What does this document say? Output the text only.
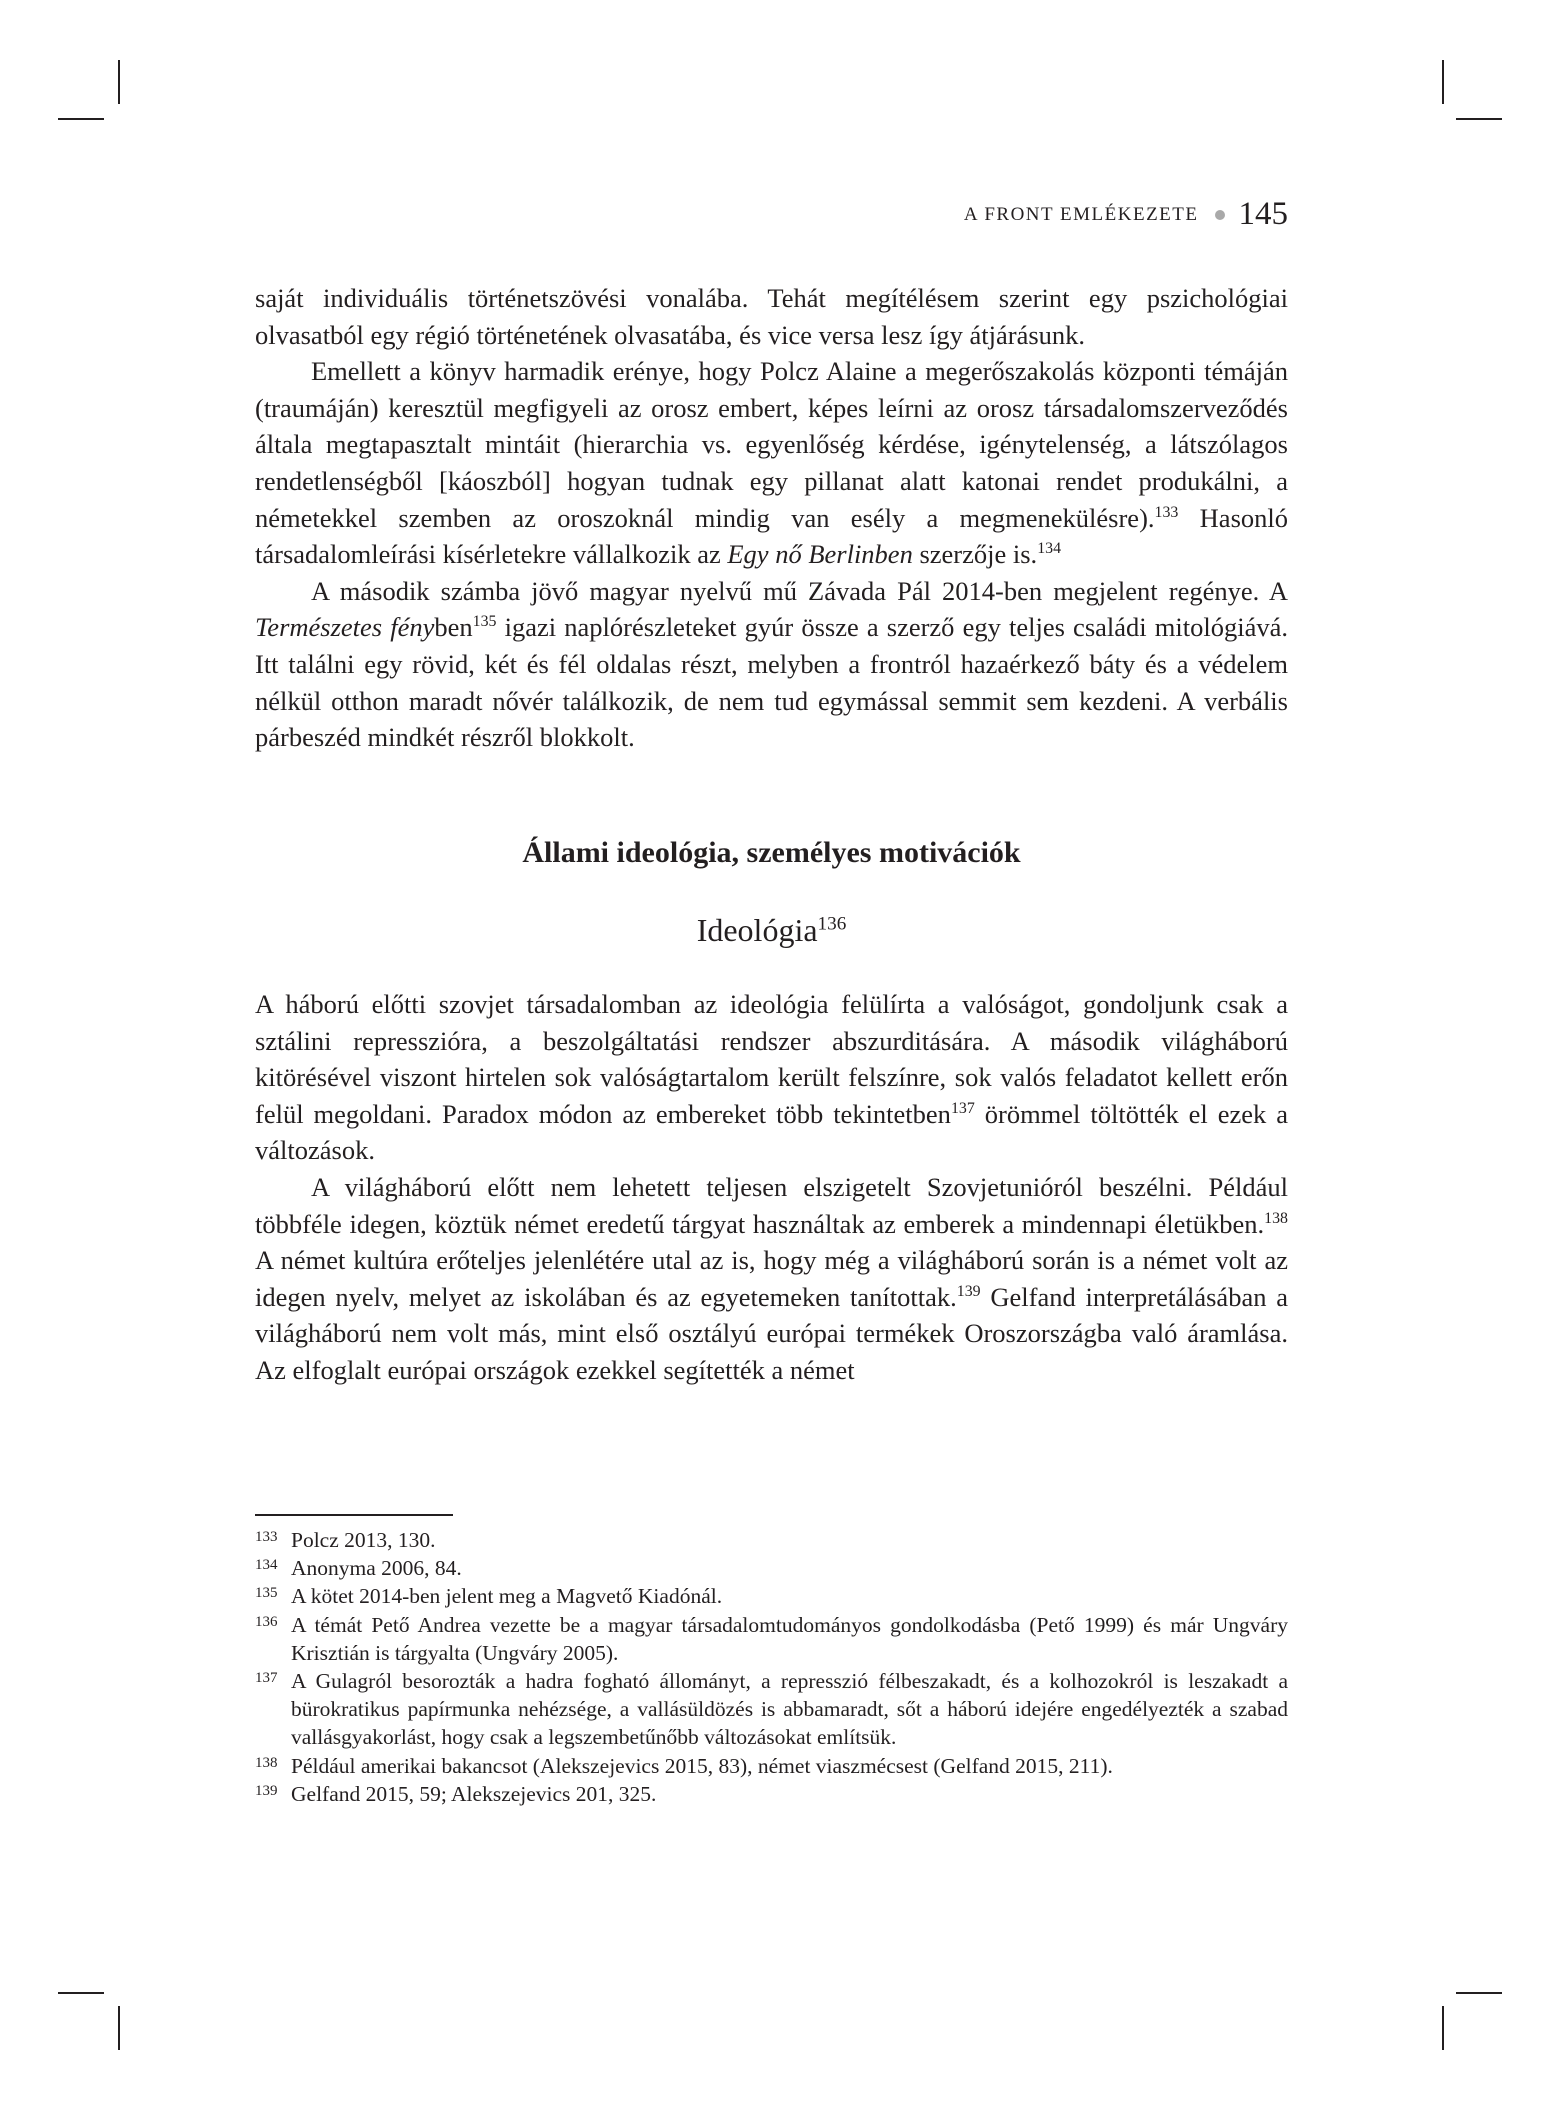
A FRONT EMLÉKEZETE 145

saját individuális történetszövési vonalába. Tehát megítélésem szerint egy pszichológiai olvasatból egy régió történetének olvasatába, és vice versa lesz így átjárásunk.

Emellett a könyv harmadik erénye, hogy Polcz Alaine a megerőszakolás központi témáján (traumáján) keresztül megfigyeli az orosz embert, képes leírni az orosz társadalomszerveződés általa megtapasztalt mintáit (hierarchia vs. egyenlőség kérdése, igénytelenség, a látszólagos rendetlenségből [káoszból] hogyan tudnak egy pillanat alatt katonai rendet produkálni, a németekkel szemben az oroszoknál mindig van esély a megmenekülésre).$^{133}$ Hasonló társadalomleírási kísérletekre vállalkozik az Egy nő Berlinben szerzője is.$^{134}$

A második számba jövő magyar nyelvű mű Závada Pál 2014-ben megjelent regénye. A Természetes fényben$^{135}$ igazi naplórészleteket gyúr össze a szerző egy teljes családi mitológiává. Itt találni egy rövid, két és fél oldalas részt, melyben a frontról hazaérkező báty és a védelem nélkül otthon maradt nővér találkozik, de nem tud egymással semmit sem kezdeni. A verbális párbeszéd mindkét részről blokkolt.

Állami ideológia, személyes motivációk
Ideológia$^{136}$

A háború előtti szovjet társadalomban az ideológia felülírta a valóságot, gondoljunk csak a sztálini represszióra, a beszolgáltatási rendszer abszurditására. A második világháború kitörésével viszont hirtelen sok valóságtartalom került felszínre, sok valós feladatot kellett erőn felül megoldani. Paradox módon az embereket több tekintetben$^{137}$ örömmel töltötték el ezek a változások.

A világháború előtt nem lehetett teljesen elszigetelt Szovjetunióról beszélni. Például többféle idegen, köztük német eredetű tárgyat használtak az emberek a mindennapi életükben.$^{138}$ A német kultúra erőteljes jelenlétére utal az is, hogy még a világháború során is a német volt az idegen nyelv, melyet az iskolában és az egyetemeken tanítottak.$^{139}$ Gelfand interpretálásában a világháború nem volt más, mint első osztályú európai termékek Oroszországba való áramlása. Az elfoglalt európai országok ezekkel segítették a német

133 Polcz 2013, 130.
134 Anonyma 2006, 84.
135 A kötet 2014-ben jelent meg a Magvető Kiadónál.
136 A témát Pető Andrea vezette be a magyar társadalomtudományos gondolkodásba (Pető 1999) és már Ungváry Krisztián is tárgyalta (Ungváry 2005).
137 A Gulagról besorozták a hadra fogható állományt, a represszió félbeszakadt, és a kolhozokról is leszakadt a bürokratikus papírmunka nehézsége, a vallásüldözés is abbamaradt, sőt a háború idejére engedélyezték a szabad vallásgyakorlást, hogy csak a legszembetűnőbb változásokat említsük.
138 Például amerikai bakancsot (Alekszejevics 2015, 83), német viaszmécsest (Gelfand 2015, 211).
139 Gelfand 2015, 59; Alekszejevics 201, 325.
